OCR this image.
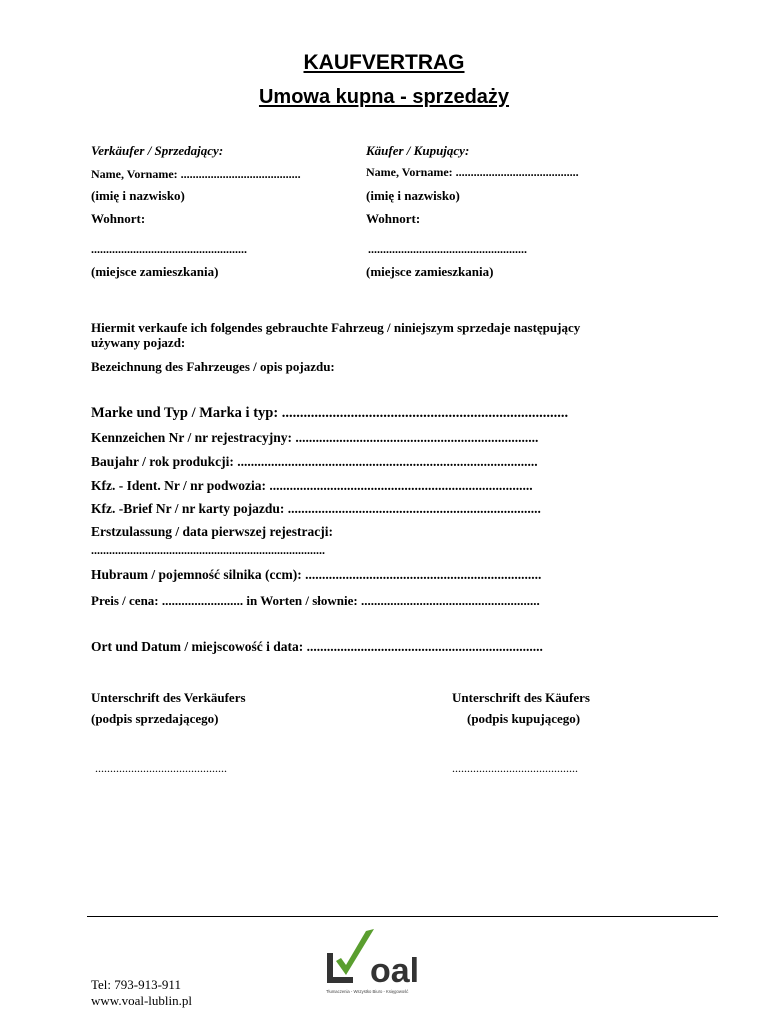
KAUFVERTRAG
Umowa kupna - sprzedaży
Verkäufer / Sprzedający:
Name, Vorname: ........................................
(imię i nazwisko)
Wohnort:
....................................................
(miejsce zamieszkania)
Käufer / Kupujący:
Name, Vorname: .........................................
(imię i nazwisko)
Wohnort:
.....................................................
(miejsce zamieszkania)
Hiermit verkaufe ich folgendes gebrauchte Fahrzeug / niniejszym sprzedaje następujący
używany pojazd:
Bezeichnung des Fahrzeuges / opis pojazdu:
Marke und Typ / Marka i typ: ...............................................................................
Kennzeichen Nr / nr rejestracyjny: ........................................................................
Baujahr / rok produkcji: .........................................................................................
Kfz. - Ident. Nr / nr podwozia: ..............................................................................
Kfz. -Brief Nr / nr karty pojazdu: ...........................................................................
Erstzulassung / data pierwszej rejestracji:
..............................................................................
Hubraum / pojemność silnika (ccm): ......................................................................
Preis / cena: ......................... in Worten / słownie: .......................................................
Ort und Datum / miejscowość i data: ......................................................................
Unterschrift des Verkäufers
(podpis sprzedającego)
............................................
Unterschrift des Käufers
(podpis kupującego)
..........................................
oal
Tłumaczenia - Wszystko Biuro - Księgowość
Tel: 793-913-911
www.voal-lublin.pl
